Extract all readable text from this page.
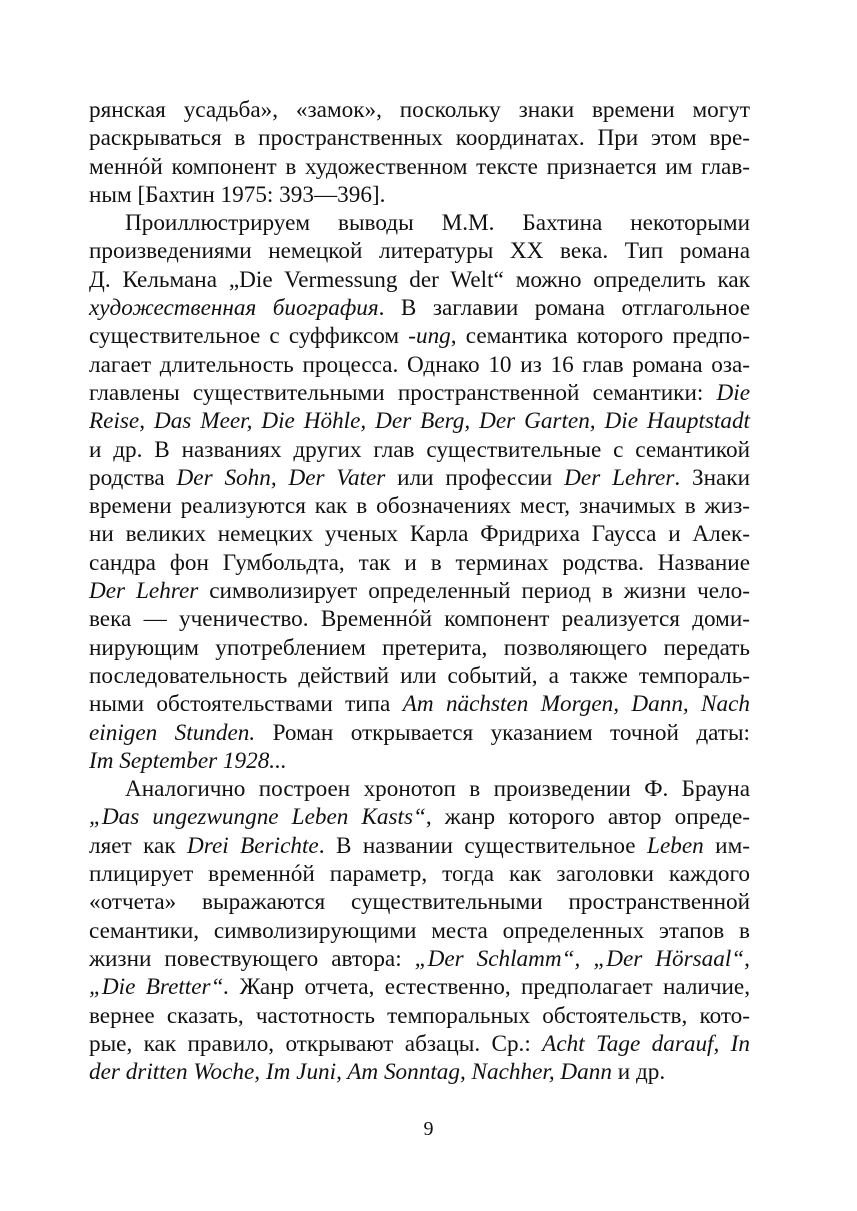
рянская усадьба», «замок», поскольку знаки времени могут
раскрываться в пространственных координатах. При этом вре-
меннóй компонент в художественном тексте признается им глав-
ным [Бахтин 1975: 393—396].
Проиллюстрируем выводы М.М. Бахтина некоторыми
произведениями немецкой литературы XX века. Тип романа
Д. Кельмана „Die Vermessung der Welt“ можно определить как
художественная биография. В заглавии романа отглагольное
существительное с суффиксом -ung, семантика которого предпо-
лагает длительность процесса. Однако 10 из 16 глав романа оза-
главлены существительными пространственной семантики: Die
Reise, Das Meer, Die Höhle, Der Berg, Der Garten, Die Hauptstadt
и др. В названиях других глав существительные с семантикой
родства Der Sohn, Der Vater или профессии Der Lehrer. Знаки
времени реализуются как в обозначениях мест, значимых в жиз-
ни великих немецких ученых Карла Фридриха Гаусса и Алек-
сандра фон Гумбольдта, так и в терминах родства. Название
Der Lehrer символизирует определенный период в жизни чело-
века — ученичество. Временнóй компонент реализуется доми-
нирующим употреблением претерита, позволяющего передать
последовательность действий или событий, а также темпораль-
ными обстоятельствами типа Am nächsten Morgen, Dann, Nach
einigen Stunden. Роман открывается указанием точной даты:
Im September 1928...
Аналогично построен хронотоп в произведении Ф. Брауна
„Das ungezwungne Leben Kasts“, жанр которого автор опреде-
ляет как Drei Berichte. В названии существительное Leben им-
плицирует временнóй параметр, тогда как заголовки каждого
«отчета» выражаются существительными пространственной
семантики, символизирующими места определенных этапов в
жизни повествующего автора: „Der Schlamm“, „Der Hörsaal“,
„Die Bretter“. Жанр отчета, естественно, предполагает наличие,
вернее сказать, частотность темпоральных обстоятельств, кото-
рые, как правило, открывают абзацы. Ср.: Acht Tage darauf, In
der dritten Woche, Im Juni, Am Sonntag, Nachher, Dann и др.
9
